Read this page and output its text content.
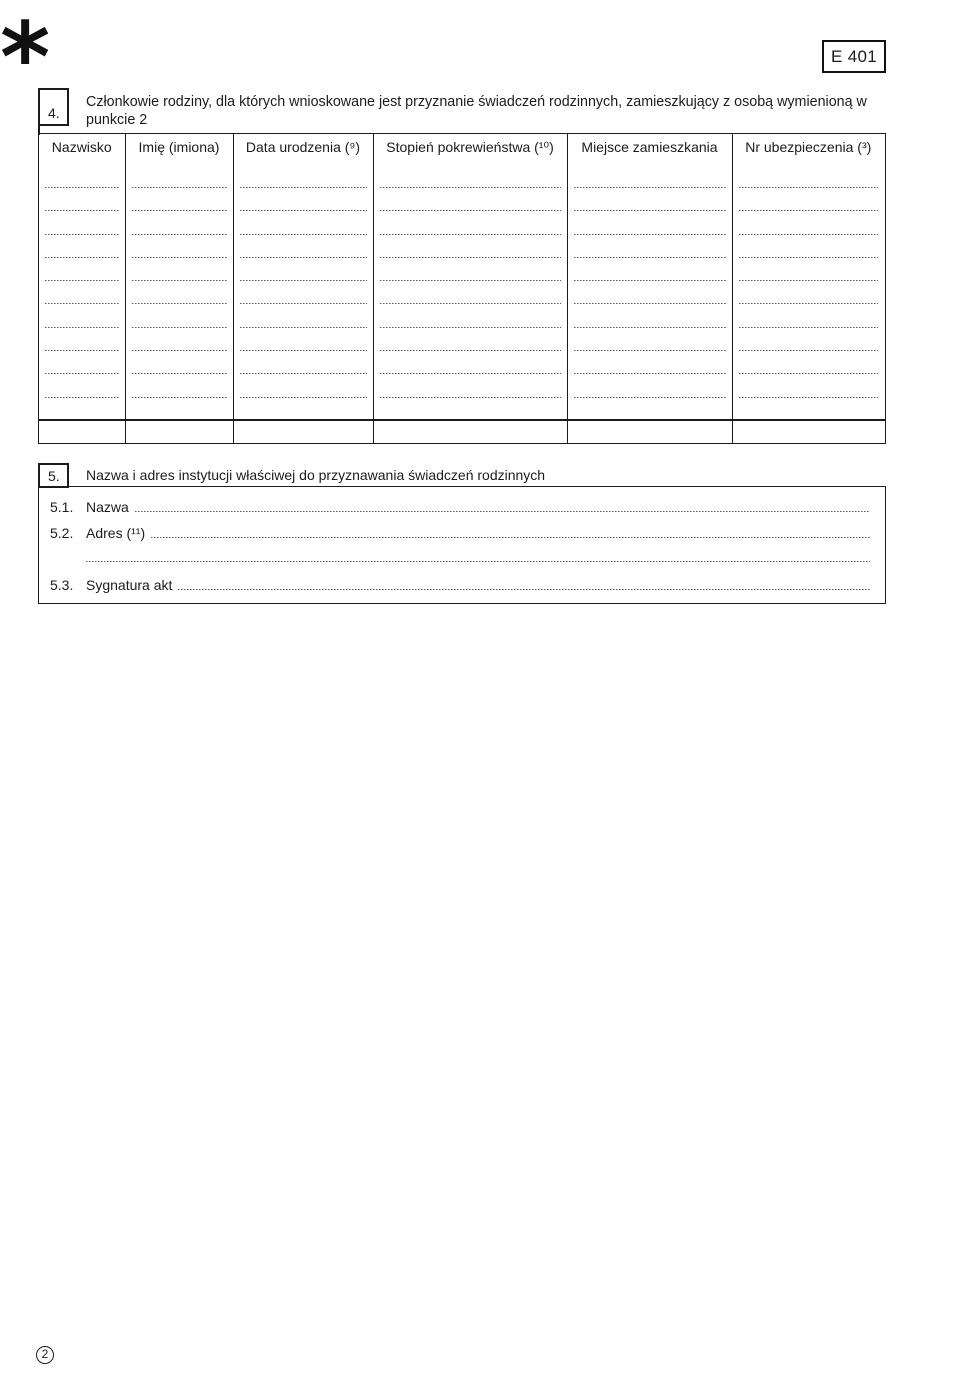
*	E 401
4.
Członkowie rodziny, dla których wnioskowane jest przyznanie świadczeń rodzinnych, zamieszkujący z osobą wymienioną w
punkcie 2
Nazwisko	Imię (imiona)	Data urodzenia (⁹)	Stopień pokrewieństwa (¹⁰)	Miejsce zamieszkania	Nr ubezpieczenia (³)
5. Nazwa i adres instytucji właściwej do przyznawania świadczeń rodzinnych
5.1. Nazwa
5.2. Adres (¹¹)
5.3. Sygnatura akt
2
